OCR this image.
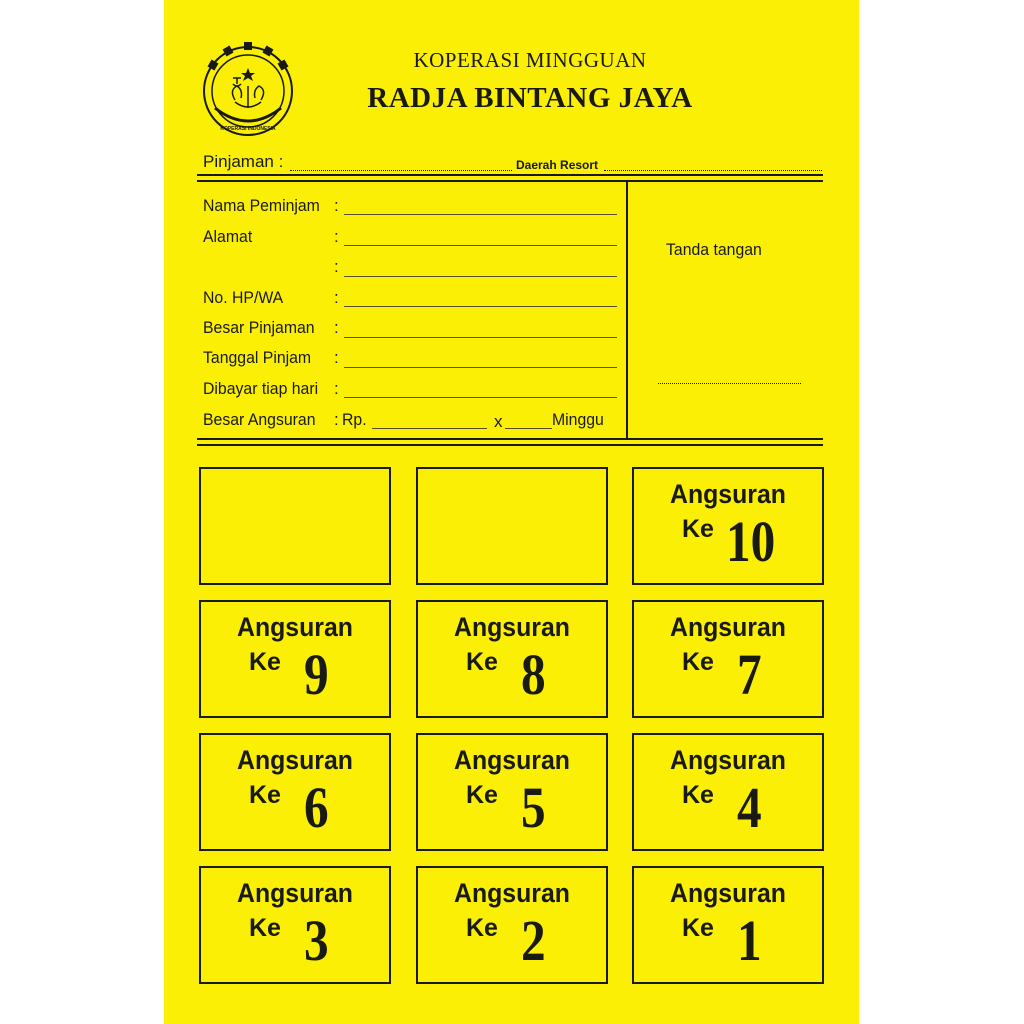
KOPERASI INDONESIA
KOPERASI MINGGUAN
RADJA BINTANG JAYA
Pinjaman :	Daerah Resort
Nama Peminjam :
Alamat	:
:
No. HP/WA	:
Besar Pinjaman :
Tanggal Pinjam :
Dibayar tiap hari :
Besar Angsuran : Rp.	x	Minggu
Tanda tangan
Angsuran
Ke 10
Angsuran
Ke 9
Angsuran
Ke 8
Angsuran
Ke 7
Angsuran
Ke 6
Angsuran
Ke 5
Angsuran
Ke 4
Angsuran
Ke 3
Angsuran
Ke 2
Angsuran
Ke 1
